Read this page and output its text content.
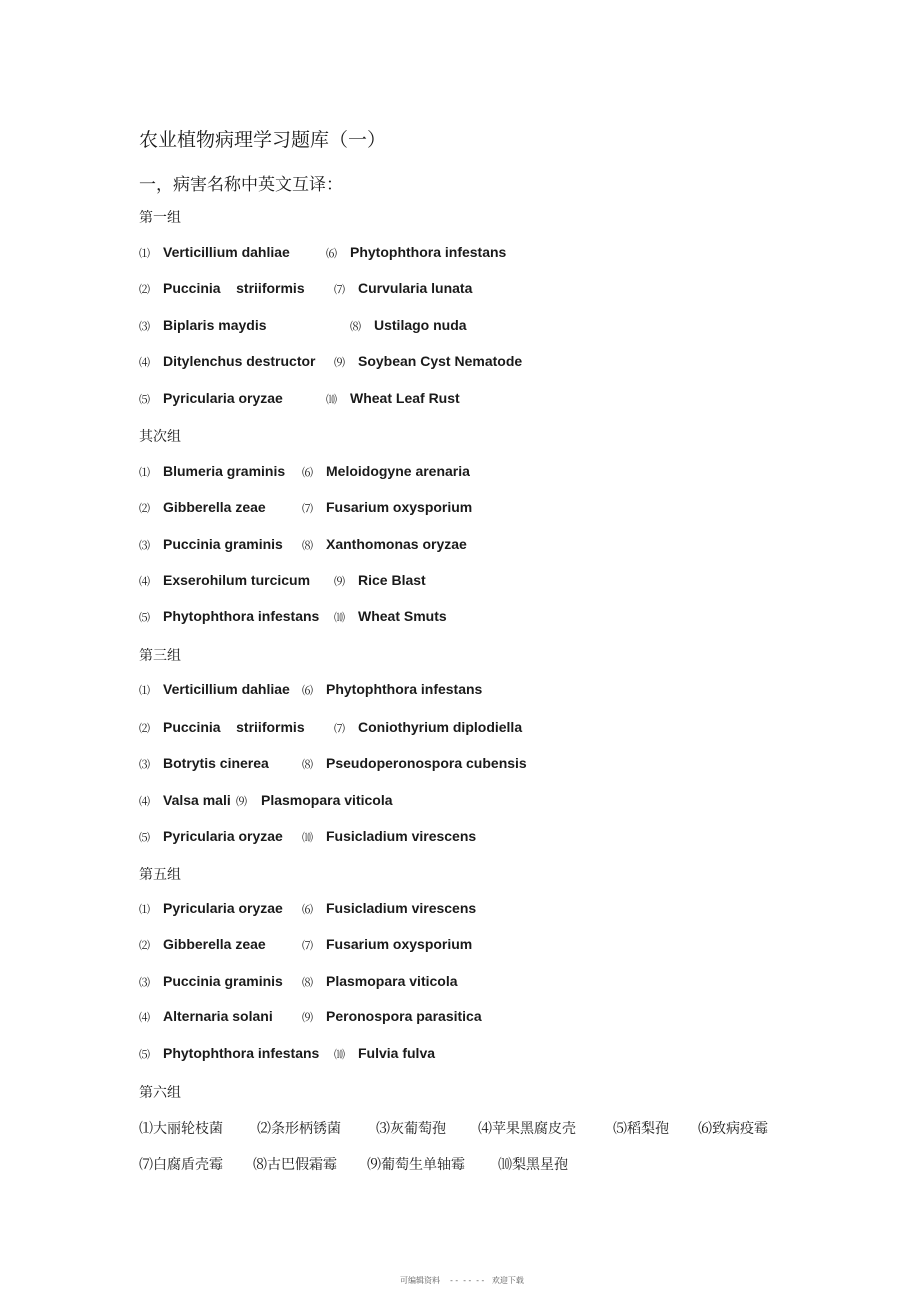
农业植物病理学习题库（一）
一，病害名称中英文互译：
第一组
⑴ Verticillium dahliae	⑹ Phytophthora infestans
⑵ Puccinia    striiformis	⑺ Curvularia lunata
⑶ Biplaris maydis	⑻ Ustilago nuda
⑷ Ditylenchus destructor ⑼ Soybean Cyst Nematode
⑸ Pyricularia oryzae	⑽ Wheat Leaf Rust
其次组
⑴ Blumeria graminis ⑹ Meloidogyne arenaria
⑵ Gibberella zeae	⑺ Fusarium oxysporium
⑶ Puccinia graminis ⑻ Xanthomonas oryzae
⑷ Exserohilum turcicum ⑼ Rice Blast
⑸ Phytophthora infestans ⑽ Wheat Smuts
第三组
⑴ Verticillium dahliae ⑹ Phytophthora infestans
⑵ Puccinia    striiformis	⑺ Coniothyrium diplodiella
⑶ Botrytis cinerea	⑻ Pseudoperonospora cubensis
⑷ Valsa mali ⑼ Plasmopara viticola
⑸ Pyricularia oryzae ⑽ Fusicladium virescens
第五组
⑴ Pyricularia oryzae ⑹ Fusicladium virescens
⑵ Gibberella zeae	⑺ Fusarium oxysporium
⑶ Puccinia graminis ⑻ Plasmopara viticola
⑷ Alternaria solani	⑼ Peronospora parasitica
⑸ Phytophthora infestans ⑽ Fulvia fulva
第六组
⑴大丽轮枝菌 ⑵条形柄锈菌	⑶灰葡萄孢 ⑷苹果黑腐皮壳	⑸稻梨孢 ⑹致病疫霉
⑺白腐盾壳霉 ⑻古巴假霜霉 ⑼葡萄生单轴霉 ⑽梨黑星孢
可编辑资料    - -  - -  - -   欢迎下载
